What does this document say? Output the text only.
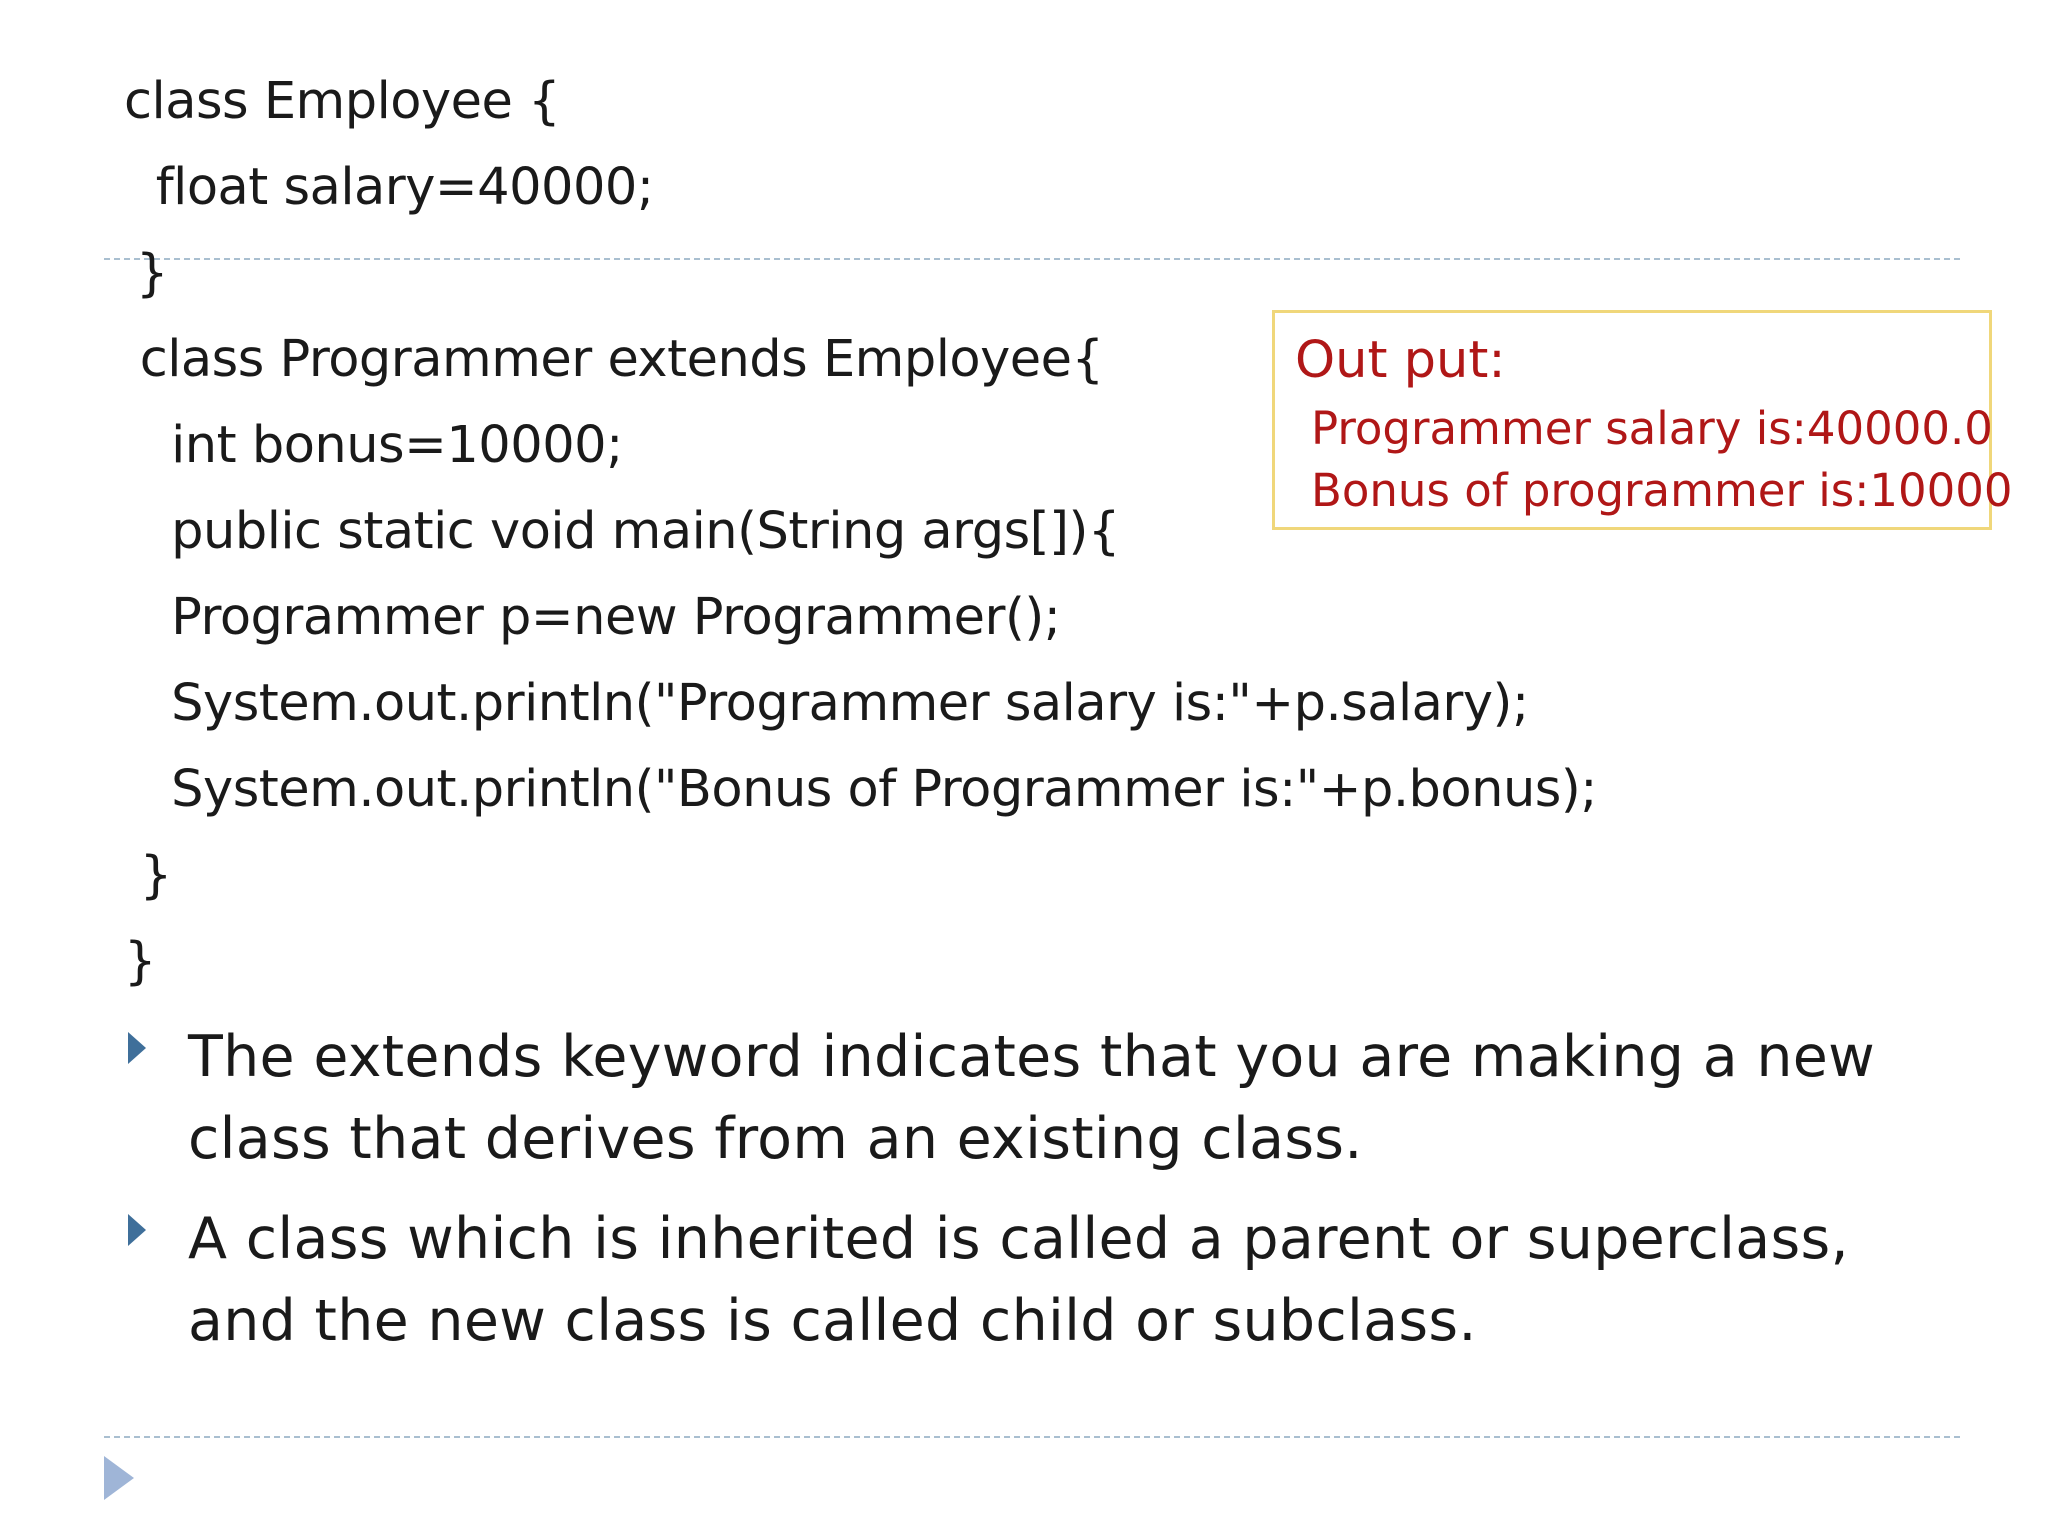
class Employee {
float salary=40000;
}
class Programmer extends Employee{
int bonus=10000;
public static void main(String args[]){
Programmer p=new Programmer();
System.out.println("Programmer salary is:"+p.salary);
System.out.println("Bonus of Programmer is:"+p.bonus);
}
}
Out put:
Programmer salary is:40000.0
Bonus of programmer is:10000
The extends keyword indicates that you are making a new class that derives from an existing class.
A class which is inherited is called a parent or superclass, and the new class is called child or subclass.
